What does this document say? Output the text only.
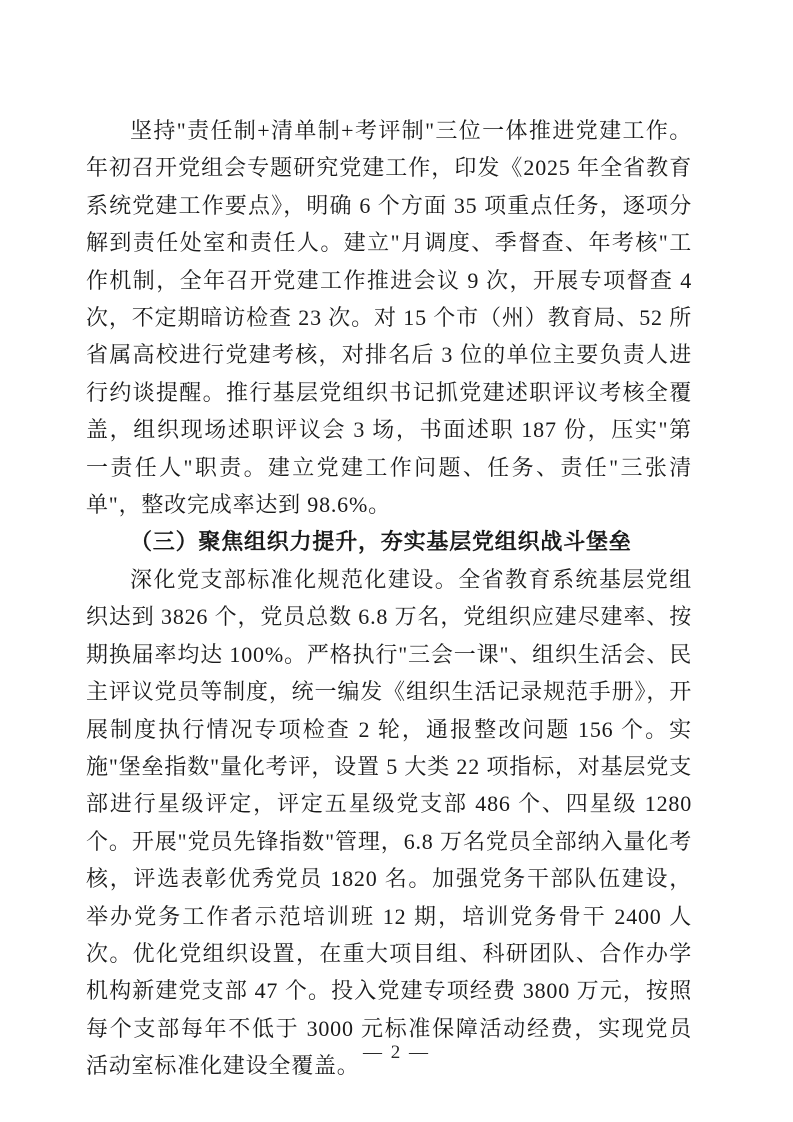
坚持"责任制+清单制+考评制"三位一体推进党建工作。年初召开党组会专题研究党建工作，印发《2025 年全省教育系统党建工作要点》，明确 6 个方面 35 项重点任务，逐项分解到责任处室和责任人。建立"月调度、季督查、年考核"工作机制，全年召开党建工作推进会议 9 次，开展专项督查 4 次，不定期暗访检查 23 次。对 15 个市（州）教育局、52 所省属高校进行党建考核，对排名后 3 位的单位主要负责人进行约谈提醒。推行基层党组织书记抓党建述职评议考核全覆盖，组织现场述职评议会 3 场，书面述职 187 份，压实"第一责任人"职责。建立党建工作问题、任务、责任"三张清单"，整改完成率达到 98.6%。

（三）聚焦组织力提升，夯实基层党组织战斗堡垒

深化党支部标准化规范化建设。全省教育系统基层党组织达到 3826 个，党员总数 6.8 万名，党组织应建尽建率、按期换届率均达 100%。严格执行"三会一课"、组织生活会、民主评议党员等制度，统一编发《组织生活记录规范手册》，开展制度执行情况专项检查 2 轮，通报整改问题 156 个。实施"堡垒指数"量化考评，设置 5 大类 22 项指标，对基层党支部进行星级评定，评定五星级党支部 486 个、四星级 1280 个。开展"党员先锋指数"管理，6.8 万名党员全部纳入量化考核，评选表彰优秀党员 1820 名。加强党务干部队伍建设，举办党务工作者示范培训班 12 期，培训党务骨干 2400 人次。优化党组织设置，在重大项目组、科研团队、合作办学机构新建党支部 47 个。投入党建专项经费 3800 万元，按照每个支部每年不低于 3000 元标准保障活动经费，实现党员活动室标准化建设全覆盖。

— 2 —
